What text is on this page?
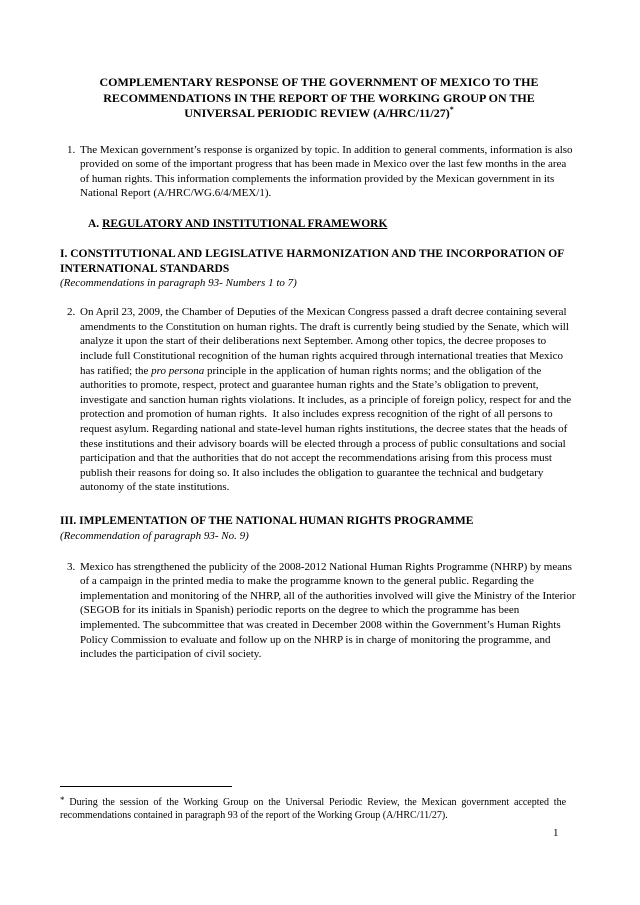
COMPLEMENTARY RESPONSE OF THE GOVERNMENT OF MEXICO TO THE RECOMMENDATIONS IN THE REPORT OF THE WORKING GROUP ON THE UNIVERSAL PERIODIC REVIEW (A/HRC/11/27)*
1. The Mexican government’s response is organized by topic. In addition to general comments, information is also provided on some of the important progress that has been made in Mexico over the last few months in the area of human rights. This information complements the information provided by the Mexican government in its National Report (A/HRC/WG.6/4/MEX/1).
A. REGULATORY AND INSTITUTIONAL FRAMEWORK
I. CONSTITUTIONAL AND LEGISLATIVE HARMONIZATION AND THE INCORPORATION OF INTERNATIONAL STANDARDS
(Recommendations in paragraph 93- Numbers 1 to 7)
2. On April 23, 2009, the Chamber of Deputies of the Mexican Congress passed a draft decree containing several amendments to the Constitution on human rights. The draft is currently being studied by the Senate, which will analyze it upon the start of their deliberations next September. Among other topics, the decree proposes to include full Constitutional recognition of the human rights acquired through international treaties that Mexico has ratified; the pro persona principle in the application of human rights norms; and the obligation of the authorities to promote, respect, protect and guarantee human rights and the State’s obligation to prevent, investigate and sanction human rights violations. It includes, as a principle of foreign policy, respect for and the protection and promotion of human rights.  It also includes express recognition of the right of all persons to request asylum. Regarding national and state-level human rights institutions, the decree states that the heads of these institutions and their advisory boards will be elected through a process of public consultations and social participation and that the authorities that do not accept the recommendations arising from this process must publish their reasons for doing so. It also includes the obligation to guarantee the technical and budgetary autonomy of the state institutions.
III. IMPLEMENTATION OF THE NATIONAL HUMAN RIGHTS PROGRAMME
(Recommendation of paragraph 93- No. 9)
3. Mexico has strengthened the publicity of the 2008-2012 National Human Rights Programme (NHRP) by means of a campaign in the printed media to make the programme known to the general public. Regarding the implementation and monitoring of the NHRP, all of the authorities involved will give the Ministry of the Interior (SEGOB for its initials in Spanish) periodic reports on the degree to which the programme has been implemented. The subcommittee that was created in December 2008 within the Government’s Human Rights Policy Commission to evaluate and follow up on the NHRP is in charge of monitoring the programme, and includes the participation of civil society.
* During the session of the Working Group on the Universal Periodic Review, the Mexican government accepted the recommendations contained in paragraph 93 of the report of the Working Group (A/HRC/11/27).
1
